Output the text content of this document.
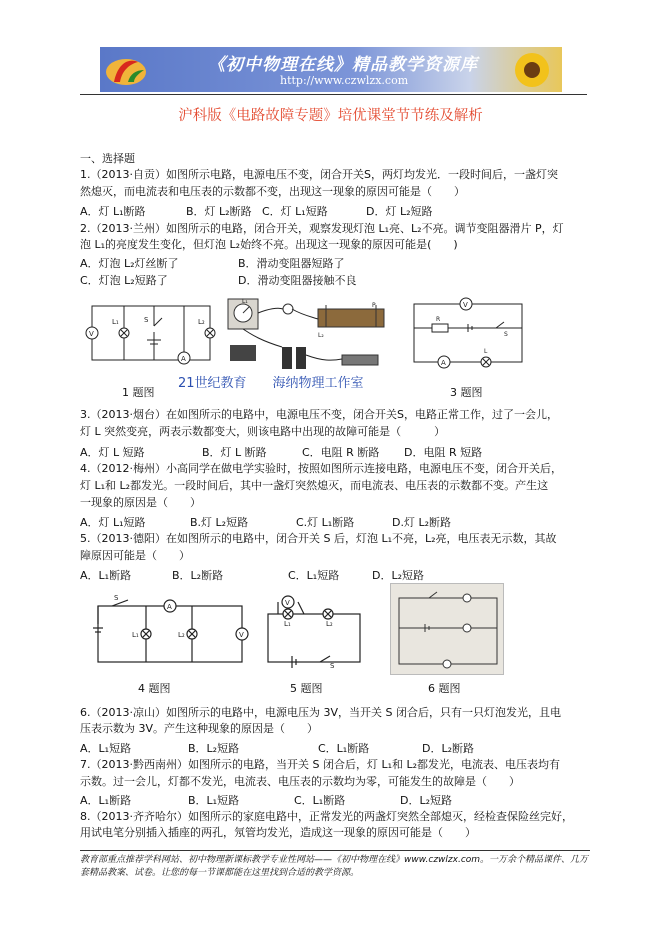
《初中物理在线》精品教学资源库
http://www.czwlzx.com
沪科版《电路故障专题》培优课堂节节练及解析
一、选择题
1.（2013·自贡）如图所示电路，电源电压不变，闭合开关S，两灯均发光．一段时间后，一盏灯突
然熄灭，而电流表和电压表的示数都不变，出现这一现象的原因可能是（　　）
A．灯 L₁断路	B．灯 L₂断路 C．灯 L₁短路	D．灯 L₂短路
2.（2013·兰州）如图所示的电路，闭合开关，观察发现灯泡 L₁亮、L₂不亮。调节变阻器滑片 P，灯
泡 L₁的亮度发生变化，但灯泡 L₂始终不亮。出现这一现象的原因可能是(　　)
A．灯泡 L₂灯丝断了	B．滑动变阻器短路了
C．灯泡 L₂短路了	D．滑动变阻器接触不良
V
A
L₁	S	L₂
L₁
L₂
P
21世纪教育　　海纳物理工作室
V
R
S
A
L
1 题图	3 题图
3.（2013·烟台）在如图所示的电路中，电源电压不变，闭合开关S，电路正常工作，过了一会儿，
灯 L 突然变亮，两表示数都变大，则该电路中出现的故障可能是（　　　）
A．灯 L 短路	B．灯 L 断路	C．电阻 R 断路 D．电阻 R 短路
4.（2012·梅州）小高同学在做电学实验时，按照如图所示连接电路，电源电压不变，闭合开关后，
灯 L₁和 L₂都发光。一段时间后，其中一盏灯突然熄灭，而电流表、电压表的示数都不变。产生这
一现象的原因是（　　）
A．灯 L₁短路	B.灯 L₂短路	C.灯 L₁断路	D.灯 L₂断路
5.（2013·德阳）在如图所示的电路中，闭合开关 S 后，灯泡 L₁不亮，L₂亮，电压表无示数，其故
障原因可能是（　　）
A．L₁断路	B．L₂断路	C．L₁短路	D．L₂短路
S
A
V
L₁	L₂
V
L₁	L₂
S
4 题图	5 题图	6 题图
6.（2013·凉山）如图所示的电路中，电源电压为 3V，当开关 S 闭合后，只有一只灯泡发光，且电
压表示数为 3V。产生这种现象的原因是（　　）
A．L₁短路	B．L₂短路	C．L₁断路	D．L₂断路
7.（2013·黔西南州）如图所示的电路，当开关 S 闭合后，灯 L₁和 L₂都发光，电流表、电压表均有
示数。过一会儿，灯都不发光，电流表、电压表的示数均为零，可能发生的故障是（　　）
A．L₁断路	B．L₁短路	C．L₁断路	D．L₂短路
8.（2013·齐齐哈尔）如图所示的家庭电路中，正常发光的两盏灯突然全部熄灭，经检查保险丝完好，
用试电笔分别插入插座的两孔，氖管均发光，造成这一现象的原因可能是（　　）
教育部重点推荐学科网站、初中物理新课标教学专业性网站——《初中物理在线》www.czwlzx.com。一万余个精品课件、几万套精品教案、试卷。让您的每一节课都能在这里找到合适的教学资源。
